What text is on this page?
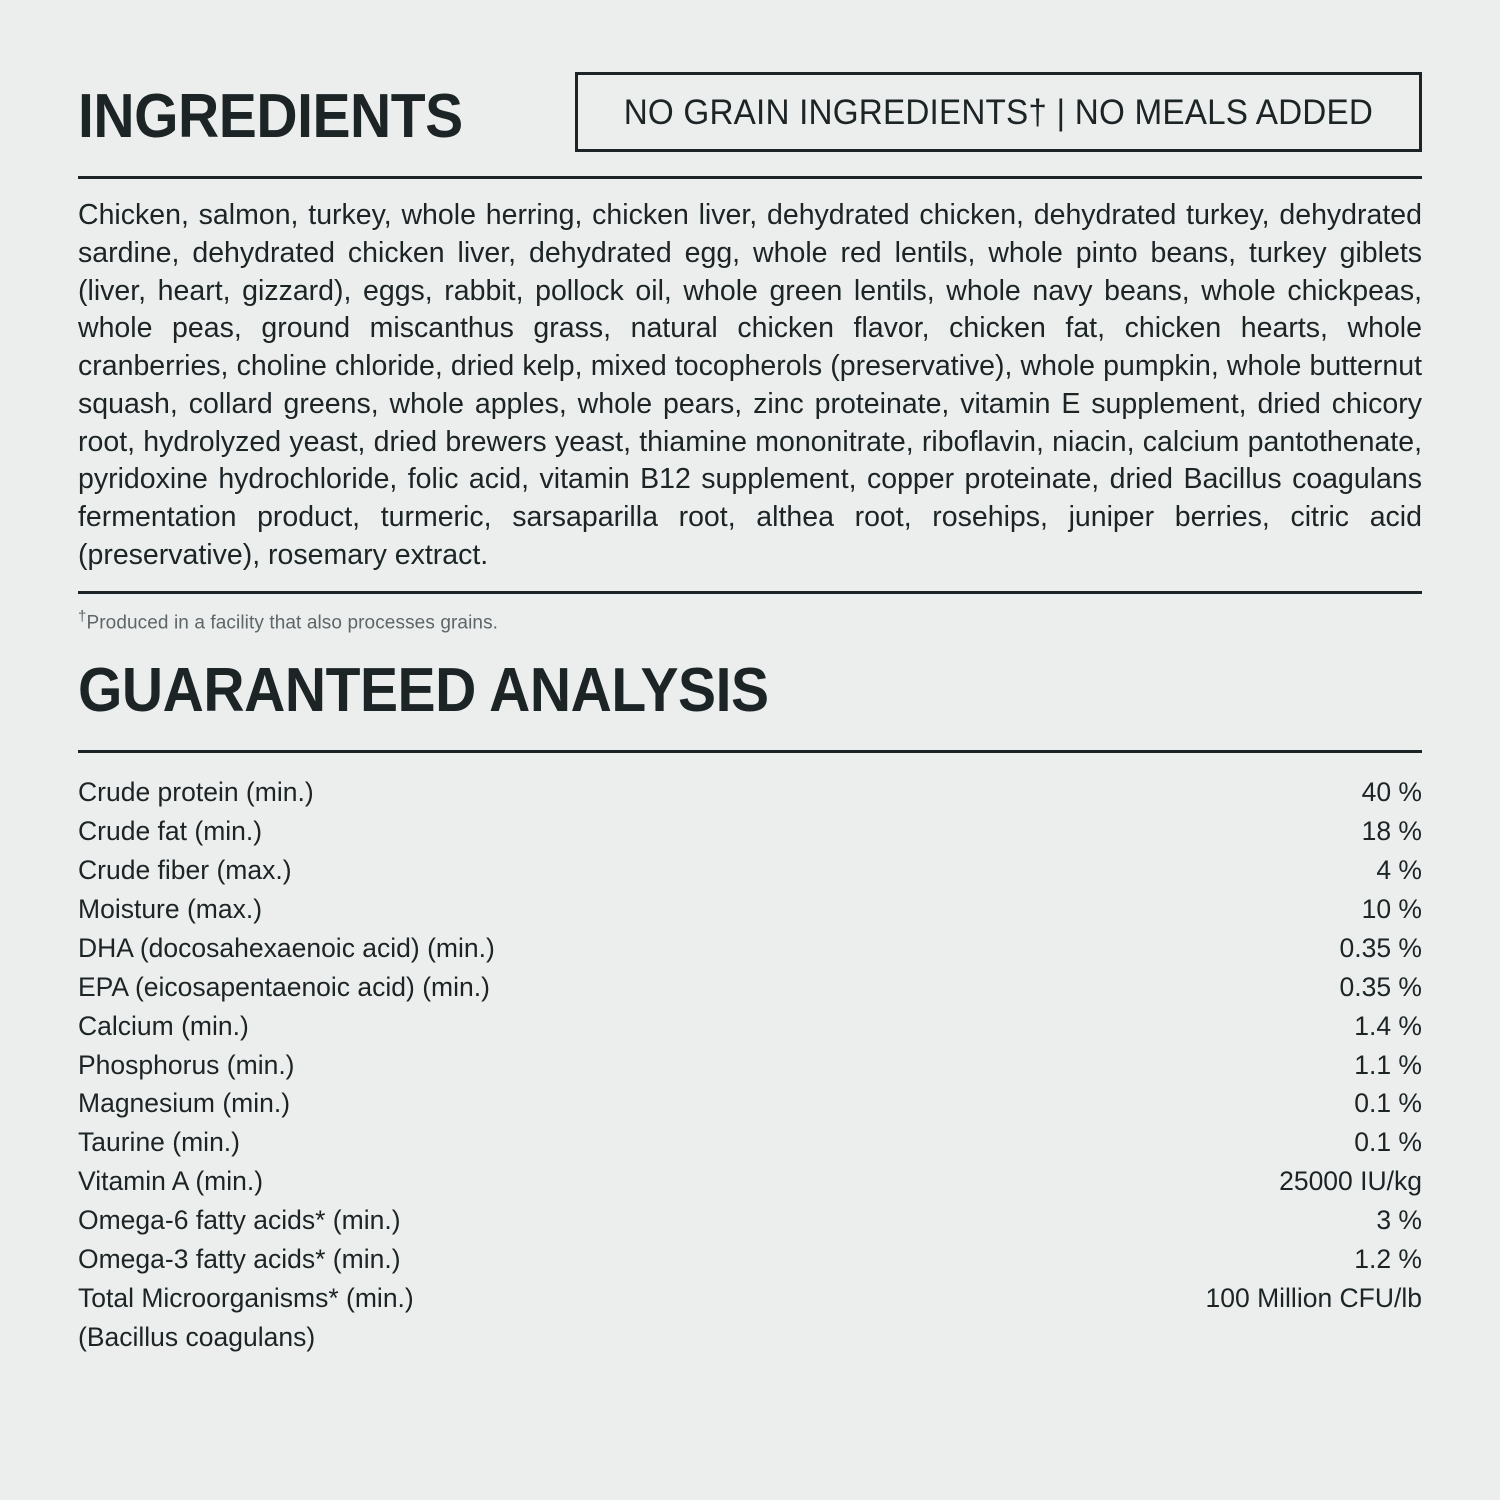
INGREDIENTS	NO GRAIN INGREDIENTS† | NO MEALS ADDED
Chicken, salmon, turkey, whole herring, chicken liver, dehydrated chicken, dehydrated turkey, dehydrated sardine, dehydrated chicken liver, dehydrated egg, whole red lentils, whole pinto beans, turkey giblets (liver, heart, gizzard), eggs, rabbit, pollock oil, whole green lentils, whole navy beans, whole chickpeas, whole peas, ground miscanthus grass, natural chicken flavor, chicken fat, chicken hearts, whole cranberries, choline chloride, dried kelp, mixed tocopherols (preservative), whole pumpkin, whole butternut squash, collard greens, whole apples, whole pears, zinc proteinate, vitamin E supplement, dried chicory root, hydrolyzed yeast, dried brewers yeast, thiamine mononitrate, riboflavin, niacin, calcium pantothenate, pyridoxine hydrochloride, folic acid, vitamin B12 supplement, copper proteinate, dried Bacillus coagulans fermentation product, turmeric, sarsaparilla root, althea root, rosehips, juniper berries, citric acid (preservative), rosemary extract.
†Produced in a facility that also processes grains.
GUARANTEED ANALYSIS
Crude protein (min.)	40 %
Crude fat (min.)	18 %
Crude fiber (max.)	4 %
Moisture (max.)	10 %
DHA (docosahexaenoic acid) (min.)	0.35 %
EPA (eicosapentaenoic acid) (min.)	0.35 %
Calcium (min.)	1.4 %
Phosphorus (min.)	1.1 %
Magnesium (min.)	0.1 %
Taurine (min.)	0.1 %
Vitamin A (min.)	25000 IU/kg
Omega-6 fatty acids* (min.)	3 %
Omega-3 fatty acids* (min.)	1.2 %
Total Microorganisms* (min.)	100 Million CFU/lb
(Bacillus coagulans)	
